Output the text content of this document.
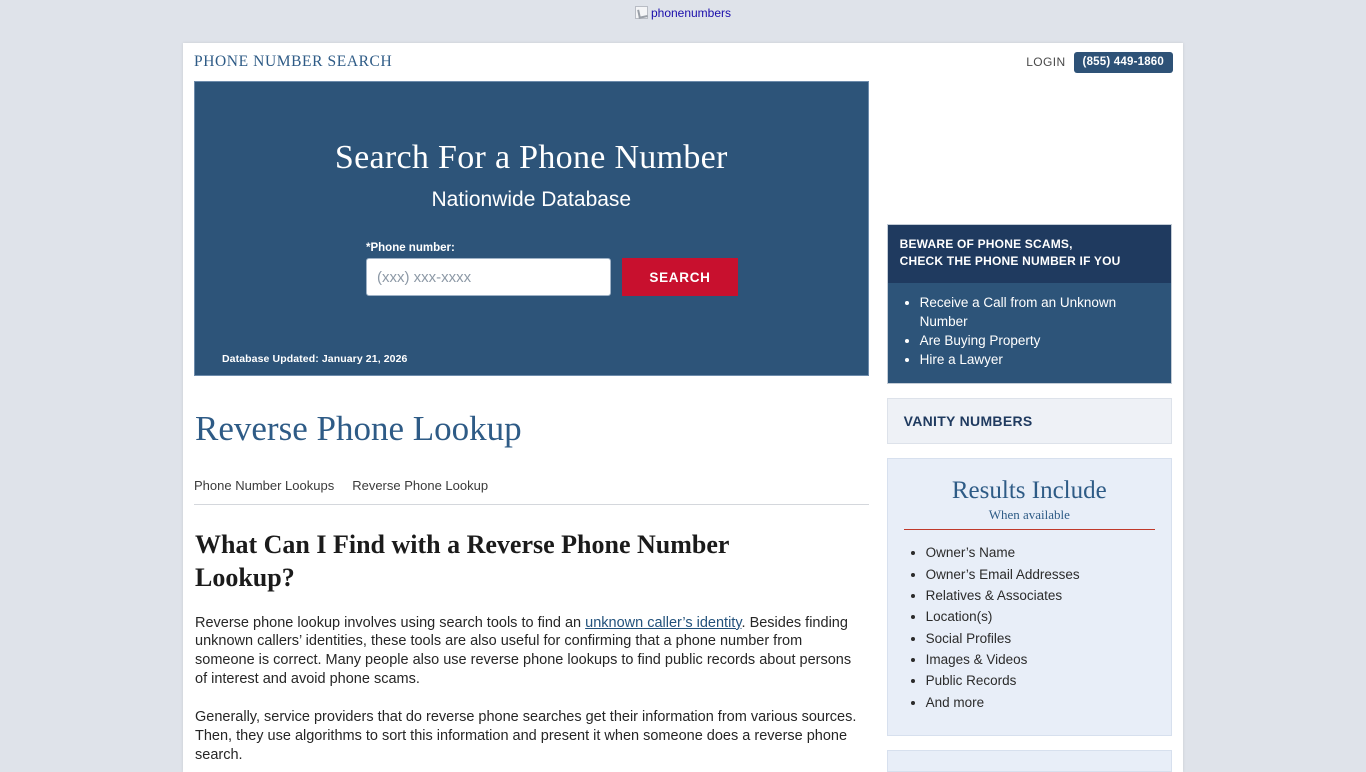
phonenumbers
PHONE NUMBER SEARCH	LOGIN	(855) 449-1860
Search For a Phone Number
Nationwide Database
*Phone number:
(xxx) xxx-xxxx
SEARCH
Database Updated: January 21, 2026
Reverse Phone Lookup
Phone Number Lookups Reverse Phone Lookup
What Can I Find with a Reverse Phone Number Lookup?

Reverse phone lookup involves using search tools to find an unknown caller’s identity. Besides finding unknown callers’ identities, these tools are also useful for confirming that a phone number from someone is correct. Many people also use reverse phone lookups to find public records about persons of interest and avoid phone scams.

Generally, service providers that do reverse phone searches get their information from various sources. Then, they use algorithms to sort this information and present it when someone does a reverse phone search.

BEWARE OF PHONE SCAMS,
CHECK THE PHONE NUMBER IF YOU
• Receive a Call from an Unknown Number
• Are Buying Property
• Hire a Lawyer
VANITY NUMBERS
Results Include
When available
• Owner’s Name
• Owner’s Email Addresses
• Relatives & Associates
• Location(s)
• Social Profiles
• Images & Videos
• Public Records
• And more
